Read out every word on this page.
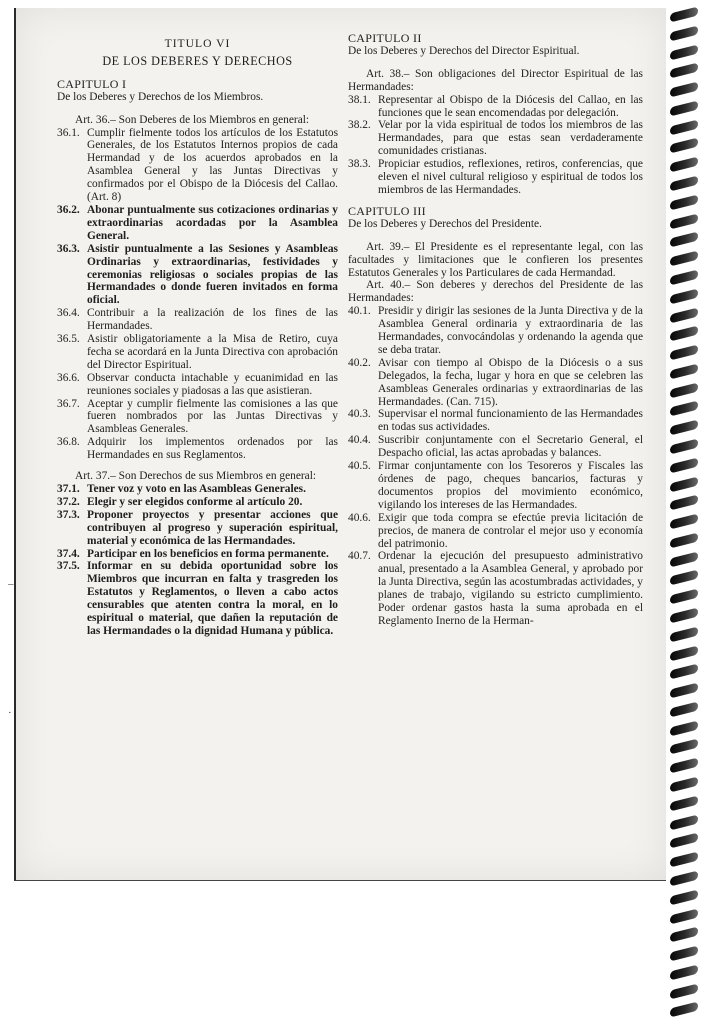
TITULO VI
DE LOS DEBERES Y DERECHOS
CAPITULO I
De los Deberes y Derechos de los Miembros.

Art. 36.– Son Deberes de los Miembros en general:

36.1. Cumplir fielmente todos los artículos de los Estatutos Generales, de los Estatutos Internos propios de cada Hermandad y de los acuerdos aprobados en la Asamblea General y las Juntas Directivas y confirmados por el Obispo de la Diócesis del Callao. (Art. 8)
36.2. Abonar puntualmente sus cotizaciones ordinarias y extraordinarias acordadas por la Asamblea General.
36.3. Asistir puntualmente a las Sesiones y Asambleas Ordinarias y extraordinarias, festividades y ceremonias religiosas o sociales propias de las Hermandades o donde fueren invitados en forma oficial.
36.4. Contribuir a la realización de los fines de las Hermandades.
36.5. Asistir obligatoriamente a la Misa de Retiro, cuya fecha se acordará en la Junta Directiva con aprobación del Director Espiritual.
36.6. Observar conducta intachable y ecuanimidad en las reuniones sociales y piadosas a las que asistieran.
36.7. Aceptar y cumplir fielmente las comisiones a las que fueren nombrados por las Juntas Directivas y Asambleas Generales.
36.8. Adquirir los implementos ordenados por las Hermandades en sus Reglamentos.

Art. 37.– Son Derechos de sus Miembros en general:

37.1. Tener voz y voto en las Asambleas Generales.
37.2. Elegir y ser elegidos conforme al artículo 20.
37.3. Proponer proyectos y presentar acciones que contribuyen al progreso y superación espiritual, material y económica de las Hermandades.
37.4. Participar en los beneficios en forma permanente.
37.5. Informar en su debida oportunidad sobre los Miembros que incurran en falta y trasgreden los Estatutos y Reglamentos, o lleven a cabo actos censurables que atenten contra la moral, en lo espiritual o material, que dañen la reputación de las Hermandades o la dignidad Humana y pública.
CAPITULO II
De los Deberes y Derechos del Director Espiritual.

Art. 38.– Son obligaciones del Director Espiritual de las Hermandades:

38.1. Representar al Obispo de la Diócesis del Callao, en las funciones que le sean encomendadas por delegación.
38.2. Velar por la vida espiritual de todos los miembros de las Hermandades, para que estas sean verdaderamente comunidades cristianas.
38.3. Propiciar estudios, reflexiones, retiros, conferencias, que eleven el nivel cultural religioso y espiritual de todos los miembros de las Hermandades.
CAPITULO III
De los Deberes y Derechos del Presidente.

Art. 39.– El Presidente es el representante legal, con las facultades y limitaciones que le confieren los presentes Estatutos Generales y los Particulares de cada Hermandad.

Art. 40.– Son deberes y derechos del Presidente de las Hermandades:

40.1. Presidir y dirigir las sesiones de la Junta Directiva y de la Asamblea General ordinaria y extraordinaria de las Hermandades, convocándolas y ordenando la agenda que se deba tratar.
40.2. Avisar con tiempo al Obispo de la Diócesis o a sus Delegados, la fecha, lugar y hora en que se celebren las Asambleas Generales ordinarias y extraordinarias de las Hermandades. (Can. 715).
40.3. Supervisar el normal funcionamiento de las Hermandades en todas sus actividades.
40.4. Suscribir conjuntamente con el Secretario General, el Despacho oficial, las actas aprobadas y balances.
40.5. Firmar conjuntamente con los Tesoreros y Fiscales las órdenes de pago, cheques bancarios, facturas y documentos propios del movimiento económico, vigilando los intereses de las Hermandades.
40.6. Exigir que toda compra se efectúe previa licitación de precios, de manera de controlar el mejor uso y economía del patrimonio.
40.7. Ordenar la ejecución del presupuesto administrativo anual, presentado a la Asamblea General, y aprobado por la Junta Directiva, según las acostumbradas actividades, y planes de trabajo, vigilando su estricto cumplimiento. Poder ordenar gastos hasta la suma aprobada en el Reglamento Inerno de la Herman-
–
·
